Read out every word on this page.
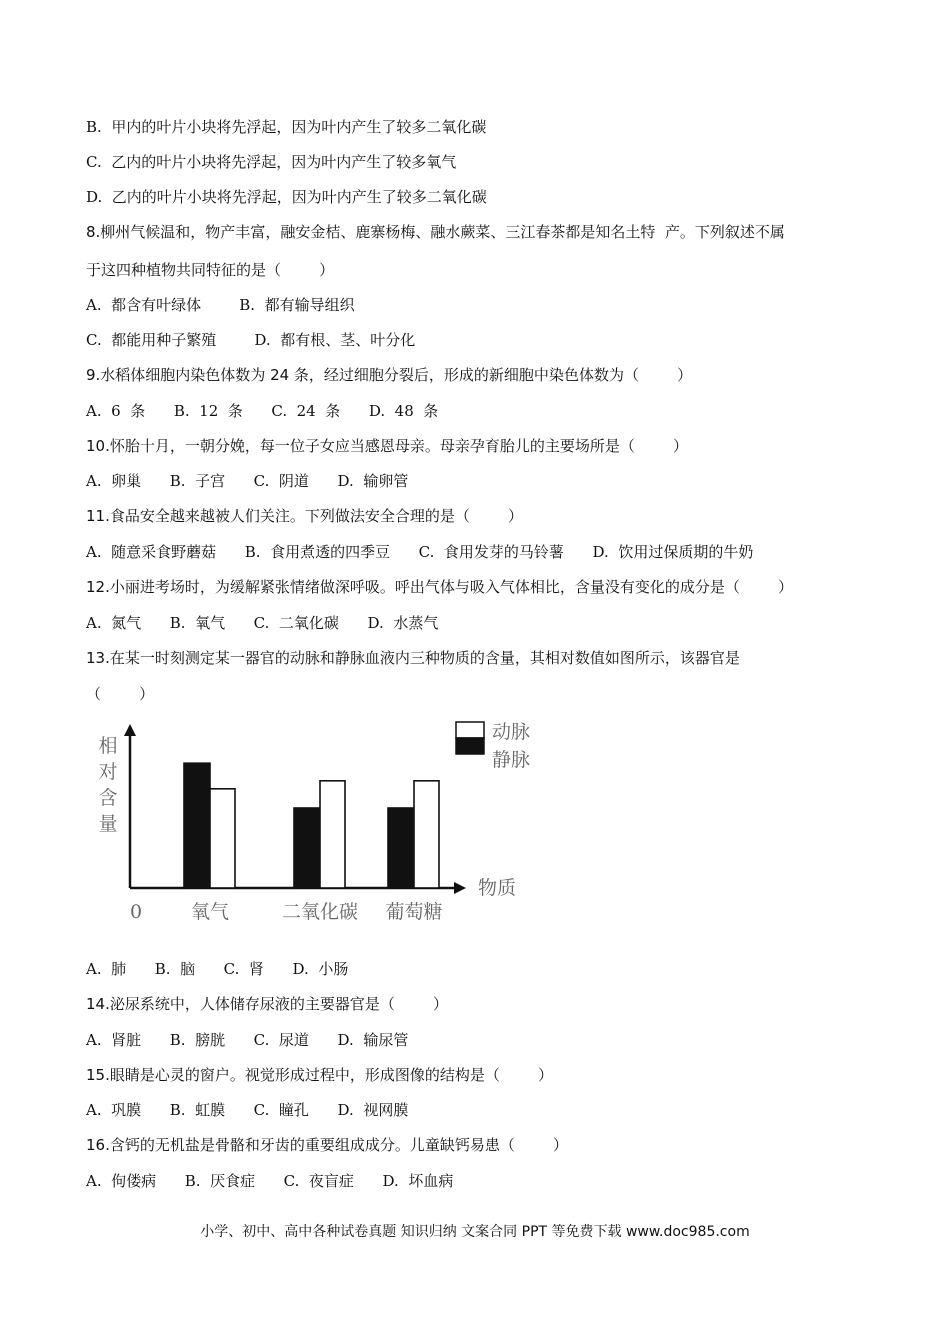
B.  甲内的叶片小块将先浮起，因为叶内产生了较多二氧化碳
C.  乙内的叶片小块将先浮起，因为叶内产生了较多氧气
D.  乙内的叶片小块将先浮起，因为叶内产生了较多二氧化碳
8.柳州气候温和，物产丰富，融安金桔、鹿寨杨梅、融水蕨菜、三江春茶都是知名土特  产。下列叙述不属
于这四种植物共同特征的是（        ）
A.  都含有叶绿体        B.  都有输导组织
C.  都能用种子繁殖        D.  都有根、茎、叶分化
9.水稻体细胞内染色体数为 24 条，经过细胞分裂后，形成的新细胞中染色体数为（        ）
A.  6  条      B.  12  条      C.  24  条      D.  48  条
10.怀胎十月，一朝分娩，每一位子女应当感恩母亲。母亲孕育胎儿的主要场所是（        ）
A.  卵巢      B.  子宫      C.  阴道      D.  输卵管
11.食品安全越来越被人们关注。下列做法安全合理的是（        ）
A.  随意采食野蘑菇      B.  食用煮透的四季豆      C.  食用发芽的马铃薯      D.  饮用过保质期的牛奶
12.小丽进考场时，为缓解紧张情绪做深呼吸。呼出气体与吸入气体相比，含量没有变化的成分是（        ）
A.  氮气      B.  氧气      C.  二氧化碳      D.  水蒸气
13.在某一时刻测定某一器官的动脉和静脉血液内三种物质的含量，其相对数值如图所示，该器官是
（        ）
相
对
含
量
物质
0	氧气	二氧化碳 葡萄糖
动脉
静脉
A.  肺      B.  脑      C.  肾      D.  小肠
14.泌尿系统中，人体储存尿液的主要器官是（        ）
A.  肾脏      B.  膀胱      C.  尿道      D.  输尿管
15.眼睛是心灵的窗户。视觉形成过程中，形成图像的结构是（        ）
A.  巩膜      B.  虹膜      C.  瞳孔      D.  视网膜
16.含钙的无机盐是骨骼和牙齿的重要组成成分。儿童缺钙易患（        ）
A.  佝偻病      B.  厌食症      C.  夜盲症      D.  坏血病
小学、初中、高中各种试卷真题 知识归纳 文案合同 PPT 等免费下载 www.doc985.com
